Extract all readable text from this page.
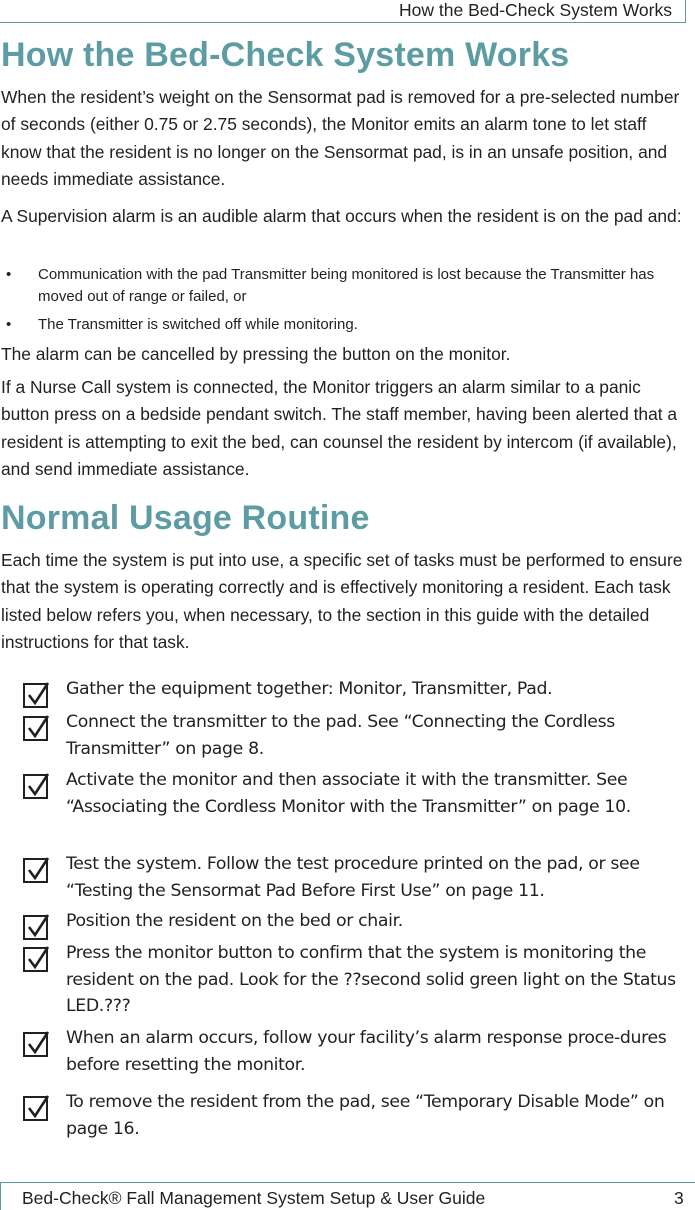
How the Bed-Check System Works
How the Bed-Check System Works

When the resident’s weight on the Sensormat pad is removed for a pre-selected number of seconds (either 0.75 or 2.75 seconds), the Monitor emits an alarm tone to let staff know that the resident is no longer on the Sensormat pad, is in an unsafe position, and needs immediate assistance.

A Supervision alarm is an audible alarm that occurs when the resident is on the pad and:

• Communication with the pad Transmitter being monitored is lost because the Transmitter has moved out of range or failed, or
• The Transmitter is switched off while monitoring.

The alarm can be cancelled by pressing the button on the monitor.

If a Nurse Call system is connected, the Monitor triggers an alarm similar to a panic button press on a bedside pendant switch. The staff member, having been alerted that a resident is attempting to exit the bed, can counsel the resident by intercom (if available), and send immediate assistance.

Normal Usage Routine

Each time the system is put into use, a specific set of tasks must be performed to ensure that the system is operating correctly and is effectively monitoring a resident. Each task listed below refers you, when necessary, to the section in this guide with the detailed instructions for that task.

Gather the equipment together: Monitor, Transmitter, Pad.
Connect the transmitter to the pad. See “Connecting the Cordless Transmitter” on page 8.
Activate the monitor and then associate it with the transmitter. See “Associating the Cordless Monitor with the Transmitter” on page 10.
Test the system. Follow the test procedure printed on the pad, or see “Testing the Sensormat Pad Before First Use” on page 11.
Position the resident on the bed or chair.
Press the monitor button to confirm that the system is monitoring the resident on the pad. Look for the ??second solid green light on the Status LED.???
When an alarm occurs, follow your facility’s alarm response proce-dures before resetting the monitor.
To remove the resident from the pad, see “Temporary Disable Mode” on page 16.
Bed-Check® Fall Management System Setup & User Guide	3
